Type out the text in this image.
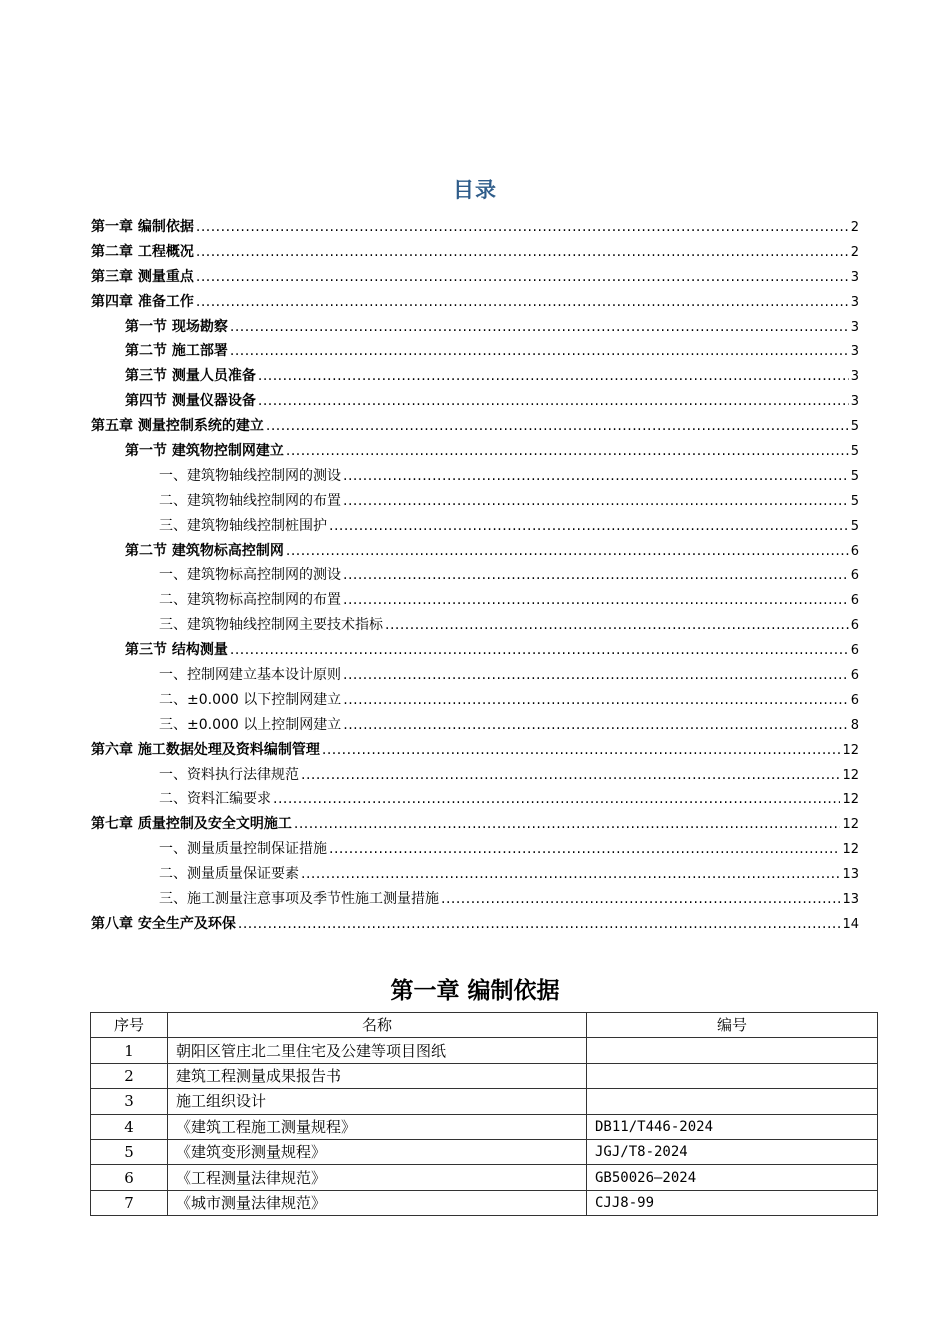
目录
第一章 编制依据 .....	2
第二章 工程概况 .....	2
第三章 测量重点 .....	3
第四章 准备工作 .....	3
第一节 现场勘察 .....	3
第二节 施工部署 .....	3
第三节 测量人员准备 .....	3
第四节 测量仪器设备 .....	3
第五章 测量控制系统的建立 .....	5
第一节 建筑物控制网建立 .....	5
一、建筑物轴线控制网的测设 .....	5
二、建筑物轴线控制网的布置 .....	5
三、建筑物轴线控制桩围护 .....	5
第二节 建筑物标高控制网 .....	6
一、建筑物标高控制网的测设 .....	6
二、建筑物标高控制网的布置 .....	6
三、建筑物轴线控制网主要技术指标 .....	6
第三节 结构测量 .....	6
一、控制网建立基本设计原则 .....	6
二、±0.000 以下控制网建立 .....	6
三、±0.000 以上控制网建立 .....	8
第六章 施工数据处理及资料编制管理 .....	12
一、资料执行法律规范 .....	12
二、资料汇编要求 .....	12
第七章 质量控制及安全文明施工 .....	12
一、测量质量控制保证措施 .....	12
二、测量质量保证要素 .....	13
三、施工测量注意事项及季节性施工测量措施 .....	13
第八章 安全生产及环保 .....	14
第一章 编制依据
序号	名称	编号
1	朝阳区管庄北二里住宅及公建等项目图纸	
2	建筑工程测量成果报告书	
3	施工组织设计	
4	《建筑工程施工测量规程》	DB11/T446-2024
5	《建筑变形测量规程》	JGJ/T8-2024
6	《工程测量法律规范》	GB50026—2024
7	《城市测量法律规范》	CJJ8-99
